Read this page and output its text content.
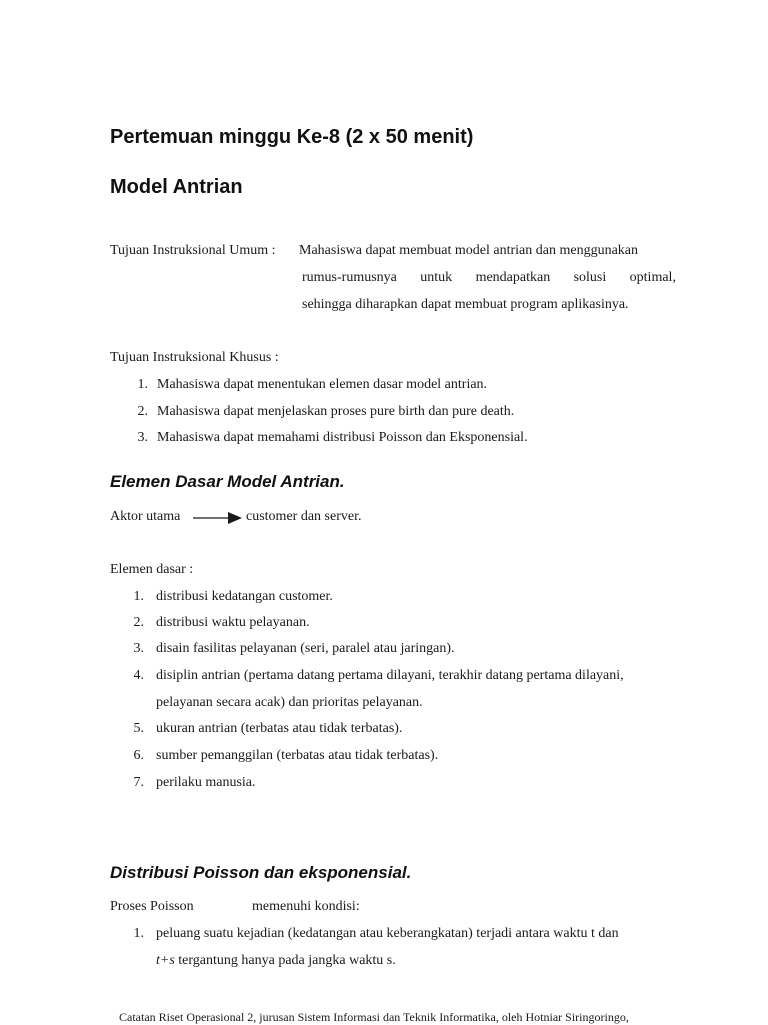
Pertemuan minggu Ke-8 (2 x 50 menit)
Model Antrian
Tujuan Instruksional Umum : Mahasiswa dapat membuat model antrian dan menggunakan
rumus-rumusnya untuk mendapatkan solusi optimal,
sehingga diharapkan dapat membuat program aplikasinya.
Tujuan Instruksional Khusus :
1. Mahasiswa dapat menentukan elemen dasar model antrian.
2. Mahasiswa dapat menjelaskan proses pure birth dan pure death.
3. Mahasiswa dapat memahami distribusi Poisson dan Eksponensial.
Elemen Dasar Model Antrian.
Aktor utama	customer dan server.
Elemen dasar :
1. distribusi kedatangan customer.
2. distribusi waktu pelayanan.
3. disain fasilitas pelayanan (seri, paralel atau jaringan).
4. disiplin antrian (pertama datang pertama dilayani, terakhir datang pertama dilayani,
pelayanan secara acak) dan prioritas pelayanan.
5. ukuran antrian (terbatas atau tidak terbatas).
6. sumber pemanggilan (terbatas atau tidak terbatas).
7. perilaku manusia.
Distribusi Poisson dan eksponensial.
Proses Poisson	memenuhi kondisi:
1. peluang suatu kejadian (kedatangan atau keberangkatan) terjadi antara waktu t dan
t+s tergantung hanya pada jangka waktu s.
Catatan Riset Operasional 2, jurusan Sistem Informasi dan Teknik Informatika, oleh Hotniar Siringoringo,
